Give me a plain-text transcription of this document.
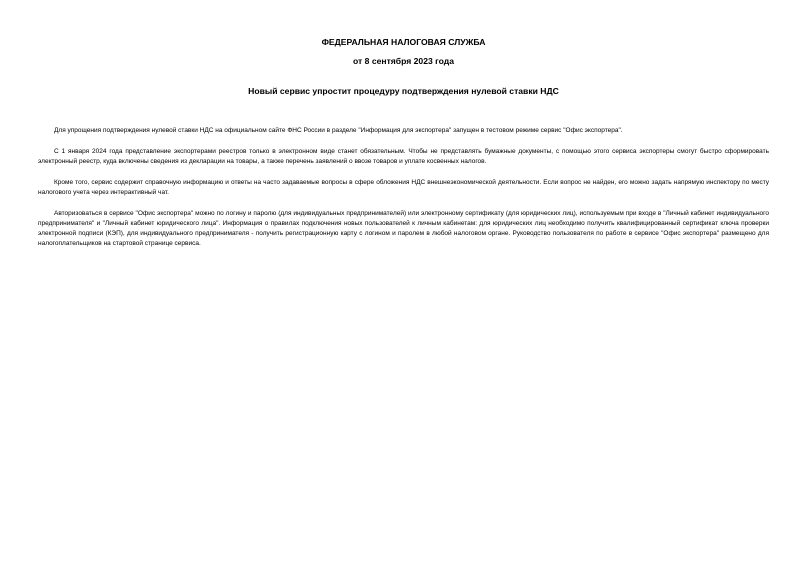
ФЕДЕРАЛЬНАЯ НАЛОГОВАЯ СЛУЖБА
от 8 сентября 2023 года
Новый сервис упростит процедуру подтверждения нулевой ставки НДС

Для упрощения подтверждения нулевой ставки НДС на официальном сайте ФНС России в разделе "Информация для экспортера" запущен в тестовом режиме сервис "Офис экспортера".

С 1 января 2024 года представление экспортерами реестров только в электронном виде станет обязательным. Чтобы не представлять бумажные документы, с помощью этого сервиса экспортеры смогут быстро сформировать электронный реестр, куда включены сведения из декларации на товары, а также перечень заявлений о ввозе товаров и уплате косвенных налогов.

Кроме того, сервис содержит справочную информацию и ответы на часто задаваемые вопросы в сфере обложения НДС внешнеэкономической деятельности. Если вопрос не найден, его можно задать напрямую инспектору по месту налогового учета через интерактивный чат.

Авторизоваться в сервисе "Офис экспортера" можно по логину и паролю (для индивидуальных предпринимателей) или электронному сертификату (для юридических лиц), используемым при входе в "Личный кабинет индивидуального предпринимателя" и "Личный кабинет юридического лица". Информация о правилах подключения новых пользователей к личным кабинетам: для юридических лиц необходимо получить квалифицированный сертификат ключа проверки электронной подписи (КЭП), для индивидуального предпринимателя - получить регистрационную карту с логином и паролем в любой налоговом органе. Руководство пользователя по работе в сервисе "Офис экспортера" размещено для налогоплательщиков на стартовой странице сервиса.
